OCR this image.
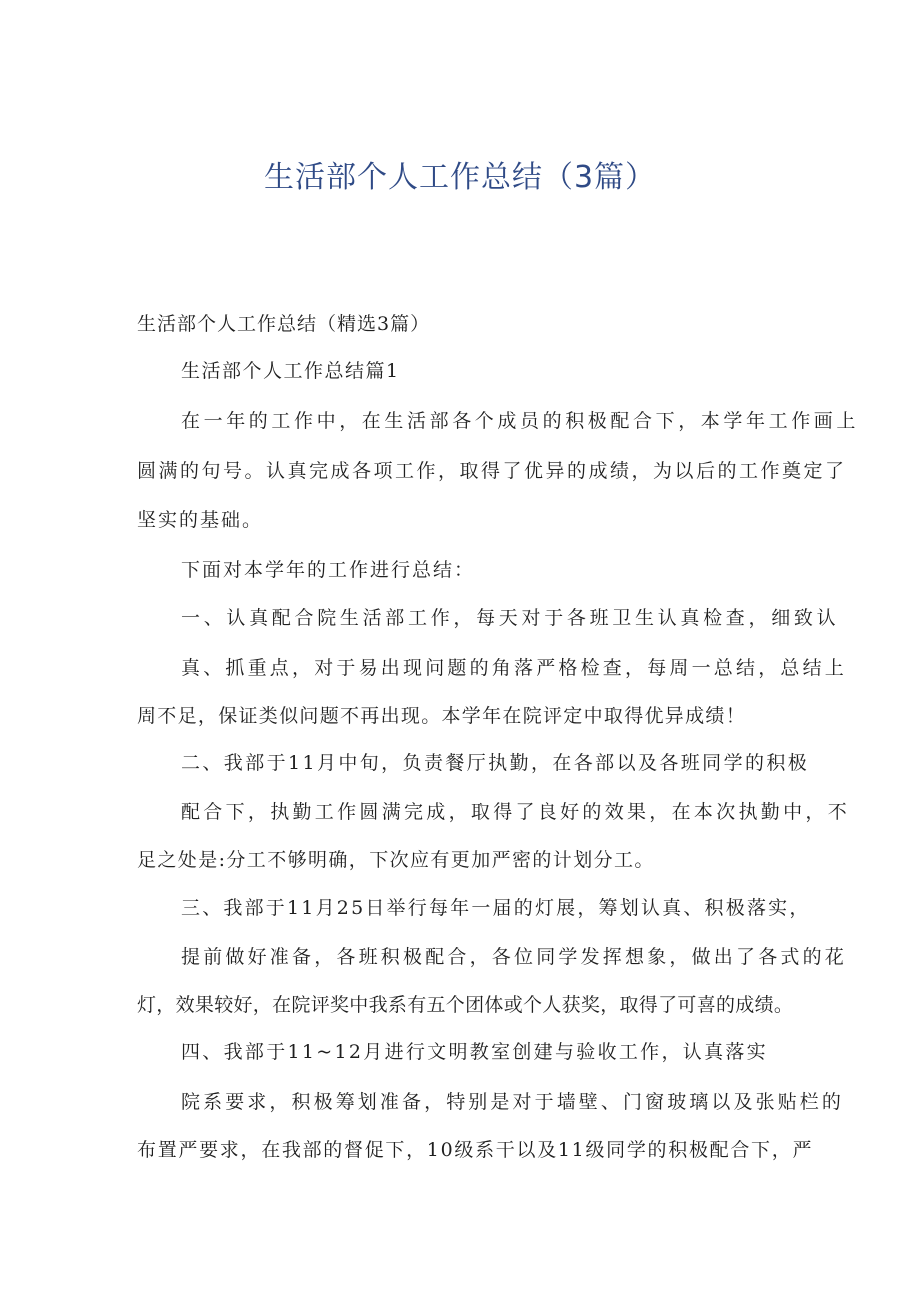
生活部个人工作总结（3篇）
生活部个人工作总结（精选3篇）
生活部个人工作总结篇1
在一年的工作中，在生活部各个成员的积极配合下，本学年工作画上
圆满的句号。认真完成各项工作，取得了优异的成绩，为以后的工作奠定了
坚实的基础。
下面对本学年的工作进行总结：
一、认真配合院生活部工作，每天对于各班卫生认真检查，细致认
真、抓重点，对于易出现问题的角落严格检查，每周一总结，总结上
周不足，保证类似问题不再出现。本学年在院评定中取得优异成绩！
二、我部于11月中旬，负责餐厅执勤，在各部以及各班同学的积极
配合下，执勤工作圆满完成，取得了良好的效果，在本次执勤中，不
足之处是:分工不够明确，下次应有更加严密的计划分工。
三、我部于11月25日举行每年一届的灯展，筹划认真、积极落实，
提前做好准备，各班积极配合，各位同学发挥想象，做出了各式的花
灯，效果较好，在院评奖中我系有五个团体或个人获奖，取得了可喜的成绩。
四、我部于11~12月进行文明教室创建与验收工作，认真落实
院系要求，积极筹划准备，特别是对于墙壁、门窗玻璃以及张贴栏的
布置严要求，在我部的督促下，10级系干以及11级同学的积极配合下，严
